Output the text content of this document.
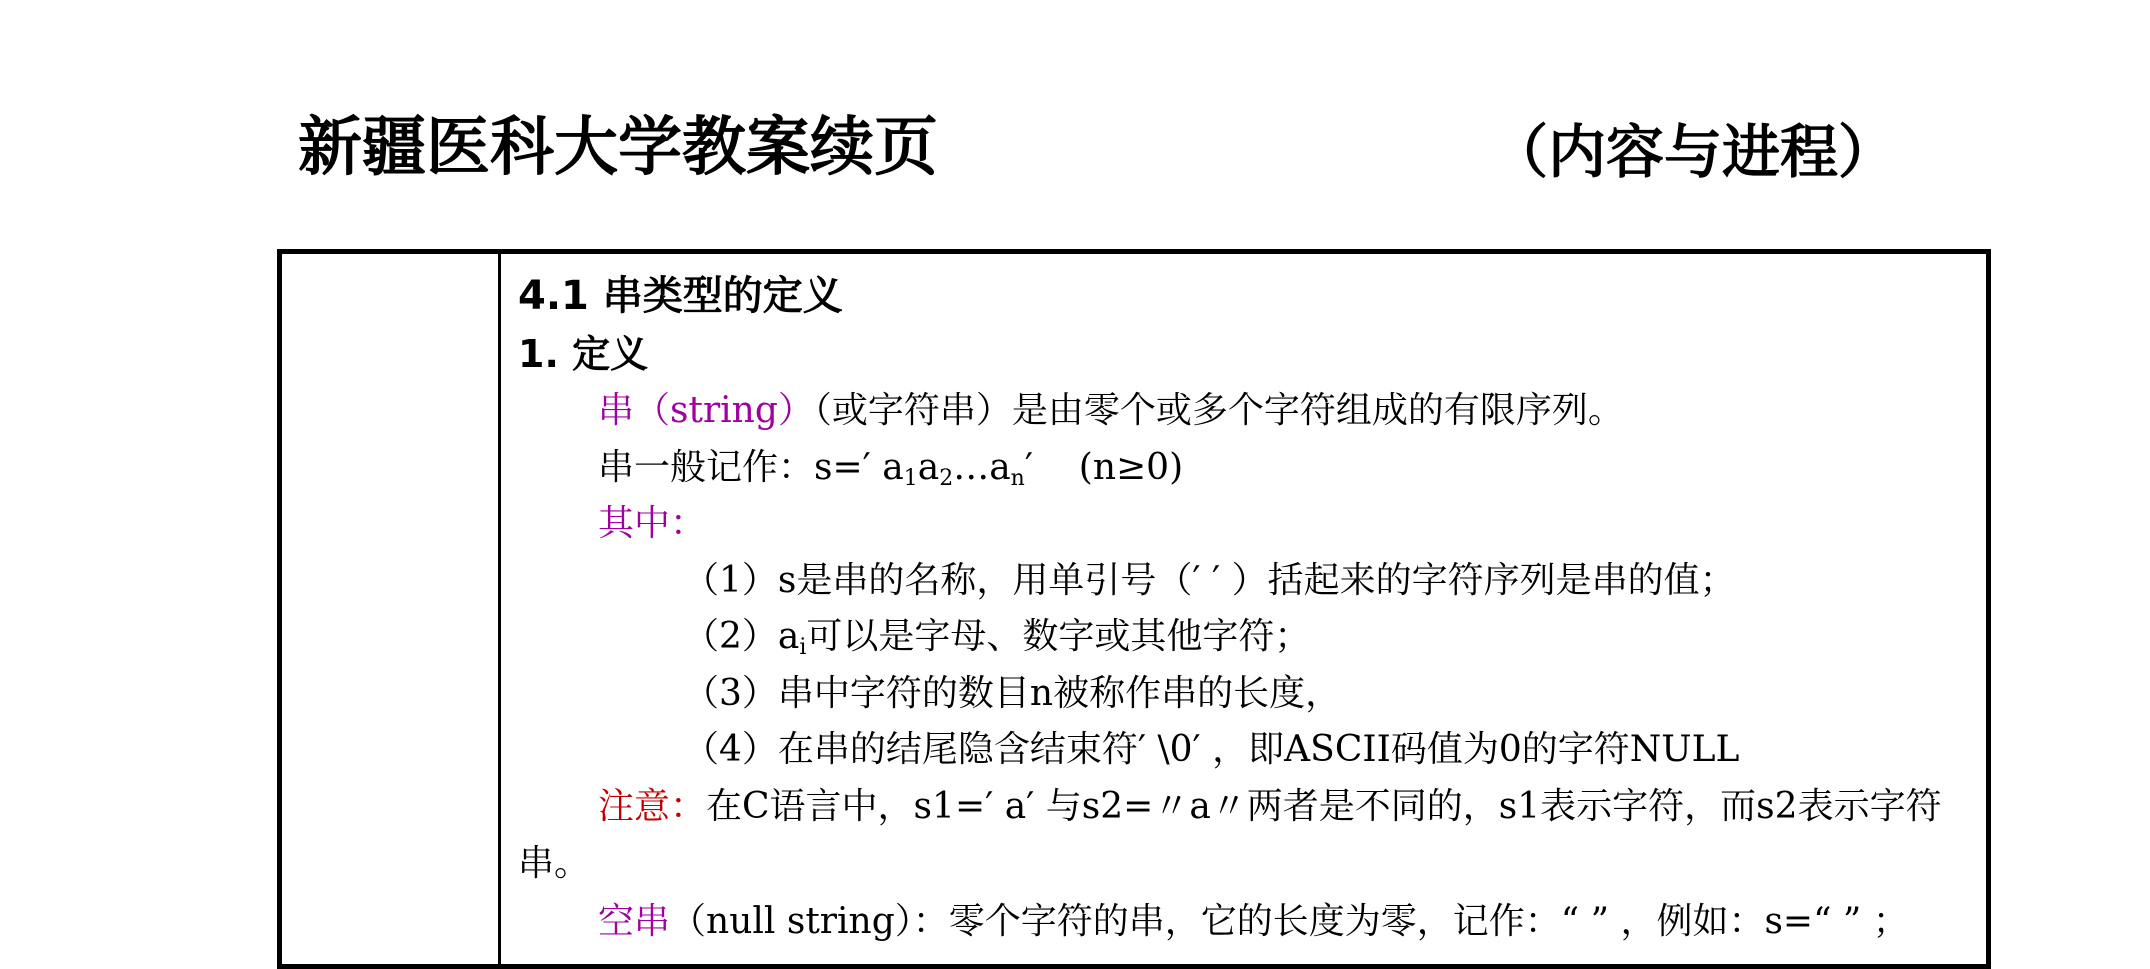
新疆医科大学教案续页	（内容与进程）
4.1 串类型的定义
1. 定义
串（string）（或字符串）是由零个或多个字符组成的有限序列。
串一般记作：s=′ $a_1a_2\dots a_n'$    (n≥0)
其中：
（1）s是串的名称，用单引号（′ ′ ）括起来的字符序列是串的值；
$(2)a_i$可以是字母、数字或其他字符；
（3）串中字符的数目n被称作串的长度，
（4）在串的结尾隐含结束符′ \0′ ，即ASCII码值为0的字符NULL
注意：在C语言中，s1=′ a′ 与s2=〃a〃两者是不同的，s1表示字符，而s2表示字符
串。
空串（null string）：零个字符的串，它的长度为零，记作：“ ” ，例如：s=“ ” ；
